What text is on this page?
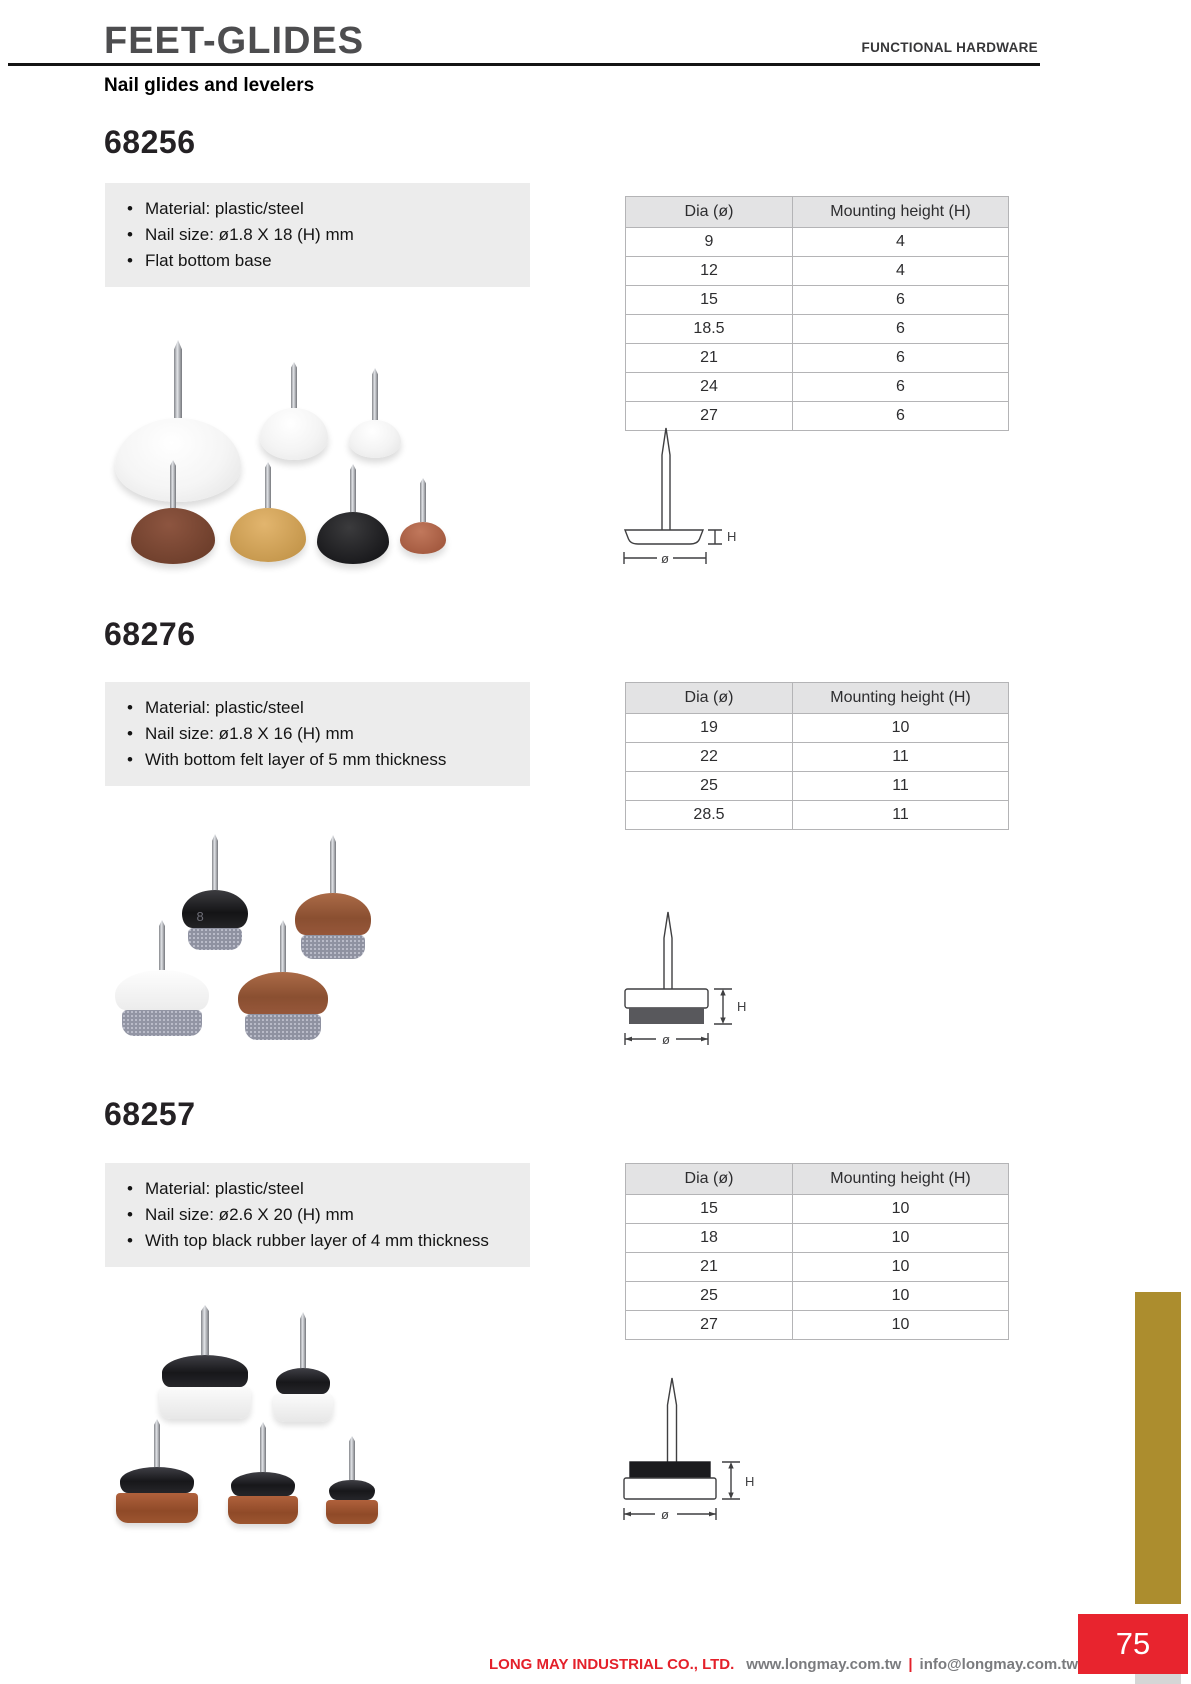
FEET-GLIDES	FUNCTIONAL HARDWARE
Nail glides and levelers
68256
• Material: plastic/steel
• Nail size: ø1.8 X 18 (H) mm
• Flat bottom base
Dia (ø)	Mounting height (H)
9	4
12	4
15	6
18.5	6
21	6
24	6
27	6
H
ø
68276
• Material: plastic/steel
• Nail size: ø1.8 X 16 (H) mm
• With bottom felt layer of 5 mm thickness
Dia (ø)	Mounting height (H)
19	10
22	11
25	11
28.5	11
8
H
ø
68257
• Material: plastic/steel
• Nail size: ø2.6 X 20 (H) mm
• With top black rubber layer of 4 mm thickness
Dia (ø)	Mounting height (H)
15	10
18	10
21	10
25	10
27	10
H
ø
75
LONG MAY INDUSTRIAL CO., LTD. www.longmay.com.tw | info@longmay.com.tw
